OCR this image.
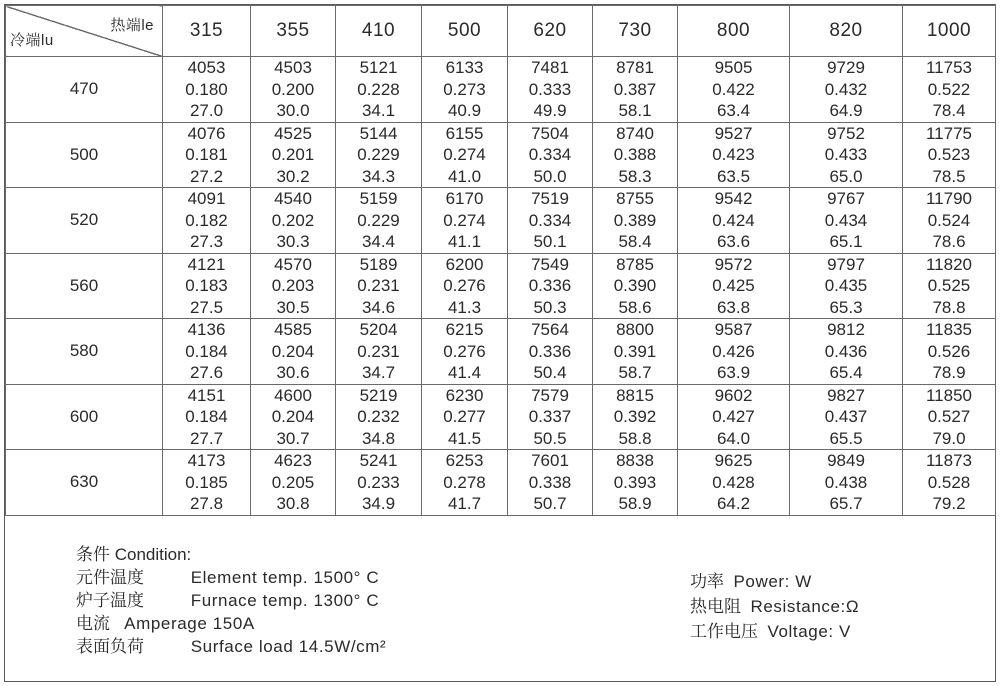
热端le
冷端lu	315	355	410	500	620	730	800	820	1000
470	4053
0.180
27.0	4503
0.200
30.0	5121
0.228
34.1	6133
0.273
40.9	7481
0.333
49.9	8781
0.387
58.1	9505
0.422
63.4	9729
0.432
64.9	11753
0.522
78.4

500	4076
0.181
27.2	4525
0.201
30.2	5144
0.229
34.3	6155
0.274
41.0	7504
0.334
50.0	8740
0.388
58.3	9527
0.423
63.5	9752
0.433
65.0	11775
0.523
78.5

520	4091
0.182
27.3	4540
0.202
30.3	5159
0.229
34.4	6170
0.274
41.1	7519
0.334
50.1	8755
0.389
58.4	9542
0.424
63.6	9767
0.434
65.1	11790
0.524
78.6

560	4121
0.183
27.5	4570
0.203
30.5	5189
0.231
34.6	6200
0.276
41.3	7549
0.336
50.3	8785
0.390
58.6	9572
0.425
63.8	9797
0.435
65.3	11820
0.525
78.8

580	4136
0.184
27.6	4585
0.204
30.6	5204
0.231
34.7	6215
0.276
41.4	7564
0.336
50.4	8800
0.391
58.7	9587
0.426
63.9	9812
0.436
65.4	11835
0.526
78.9

600	4151
0.184
27.7	4600
0.204
30.7	5219
0.232
34.8	6230
0.277
41.5	7579
0.337
50.5	8815
0.392
58.8	9602
0.427
64.0	9827
0.437
65.5	11850
0.527
79.0

630	4173
0.185
27.8	4623
0.205
30.8	5241
0.233
34.9	6253
0.278
41.7	7601
0.338
50.7	8838
0.393
58.9	9625
0.428
64.2	9849
0.438
65.7	11873
0.528
79.2
条件 Condition:
元件温度	Element temp. 1500° C
炉子温度	Furnace temp. 1300° C
电流 Amperage 150A
表面负荷	Surface load 14.5W/cm²
功率 Power: W
热电阻 Resistance:Ω
工作电压 Voltage: V
